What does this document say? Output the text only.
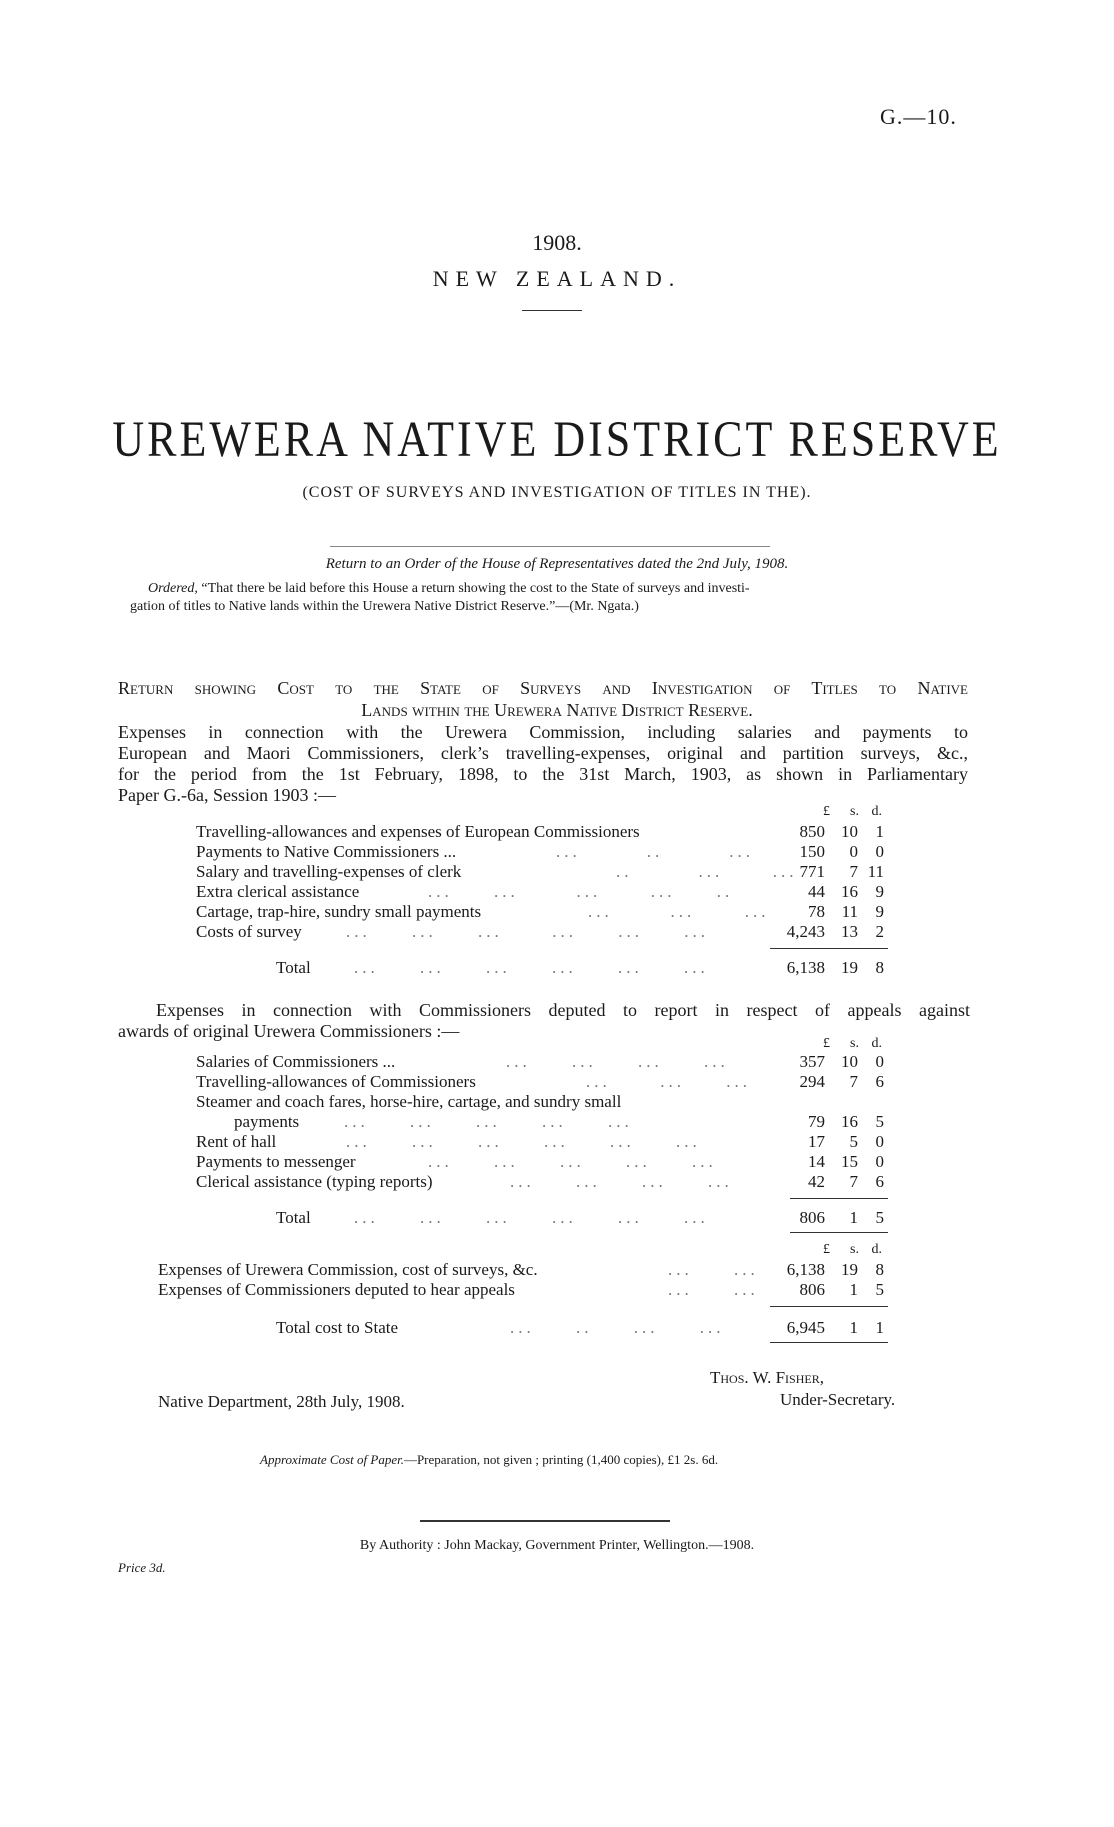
G.—10.
1908.
NEW ZEALAND.
UREWERA NATIVE DISTRICT RESERVE
(COST OF SURVEYS AND INVESTIGATION OF TITLES IN THE).
Return to an Order of the House of Representatives dated the 2nd July, 1908.
Ordered, “That there be laid before this House a return showing the cost to the State of surveys and investi-
gation of titles to Native lands within the Urewera Native District Reserve.”—(Mr. Ngata.)
Return showing Cost to the State of Surveys and Investigation of Titles to Native
Lands within the Urewera Native District Reserve.
Expenses in connection with the Urewera Commission, including salaries and payments to
European and Maori Commissioners, clerk’s travelling-expenses, original and partition surveys, &c.,
for the period from the 1st February, 1898, to the 31st March, 1903, as shown in Parliamentary
Paper G.-6a, Session 1903 :—
£	s. d.
Travelling-allowances and expenses of European Commissioners	850 10	1
Payments to Native Commissioners ...	...        ..        ...	150	0	0
Salary and travelling-expenses of clerk	..        ...      ... 771	7 11
Extra clerical assistance	...     ...       ...      ...     ..	44 16	9
Cartage, trap-hire, sundry small payments	...       ...      ...	78 11	9
Costs of survey	...     ...     ...      ...     ...     ...	4,243 13	2
Total	...     ...     ...     ...     ...     ...	6,138 19	8
Expenses in connection with Commissioners deputed to report in respect of appeals against
awards of original Urewera Commissioners :—
£	s. d.
Salaries of Commissioners ...	...     ...     ...     ...	357 10	0
Travelling-allowances of Commissioners	...      ...     ...	294	7	6
Steamer and coach fares, horse-hire, cartage, and sundry small
payments	...     ...     ...     ...     ...	79 16	5
Rent of hall	...     ...     ...     ...     ...     ...	17	5	0
Payments to messenger	...     ...     ...     ...     ...	14 15	0
Clerical assistance (typing reports)	...     ...     ...     ...	42	7	6
Total	...     ...     ...     ...     ...     ...	806	1	5
£	s. d.
Expenses of Urewera Commission, cost of surveys, &c.	...     ...	6,138 19	8
Expenses of Commissioners deputed to hear appeals	...     ...	806	1	5
Total cost to State	...     ..     ...     ...	6,945	1	1
Thos. W. Fisher,
Under-Secretary.
Native Department, 28th July, 1908.
Approximate Cost of Paper.—Preparation, not given ; printing (1,400 copies), £1 2s. 6d.
By Authority : John Mackay, Government Printer, Wellington.—1908.
Price 3d.
